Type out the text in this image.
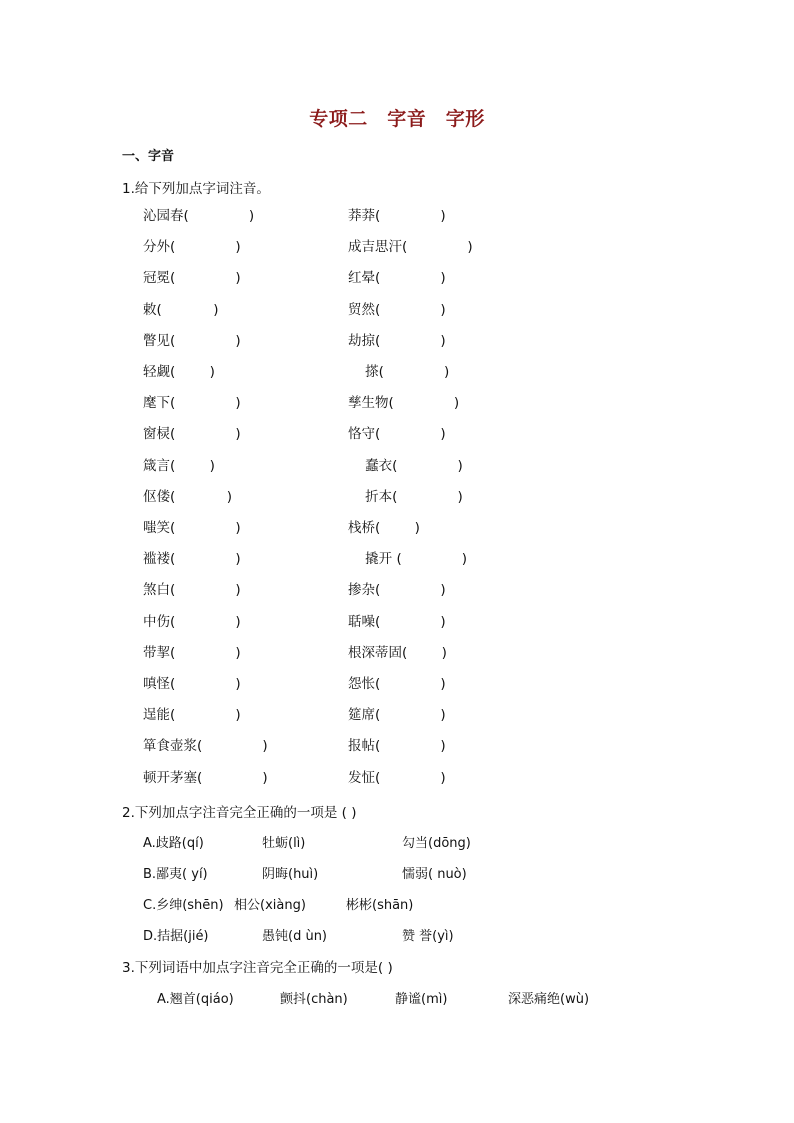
专项二　字音　字形
一、字音
1.给下列加点字词注音。
沁园春(              )	莽莽(              )
分外(              )	成吉思汗(              )
冠冕(              )	红晕(              )
敕(            )	贸然(              )
瞥见(              )	劫掠(              )
轻觑(        )	搽(              )
麾下(              )	孳生物(              )
窗棂(              )	恪守(              )
箴言(        )	蠢衣(              )
伛偻(            )	折本(              )
嗤笑(              )	栈桥(        )
褴褛(              )	撬开 (              )
煞白(              )	掺杂(              )
中伤(              )	聒噪(              )
带挈(              )	根深蒂固(        )
嗔怪(              )	怨怅(              )
逞能(              )	筵席(              )
箪食壶浆(              )	报帖(              )
顿开茅塞(              )	发怔(              )
2.下列加点字注音完全正确的一项是 ( )
A.歧路(qí)	牡蛎(lì)	勾当(dōng)
B.鄙夷( yí)	阴晦(huì)	懦弱( nuò)
C.乡绅(shēn) 相公(xiàng)	彬彬(shān)
D.拮据(jié)	愚钝(d ùn)	赞 誉(yì)
3.下列词语中加点字注音完全正确的一项是( )
A.翘首(qiáo)	颤抖(chàn)	静谧(mì)	深恶痛绝(wù)
